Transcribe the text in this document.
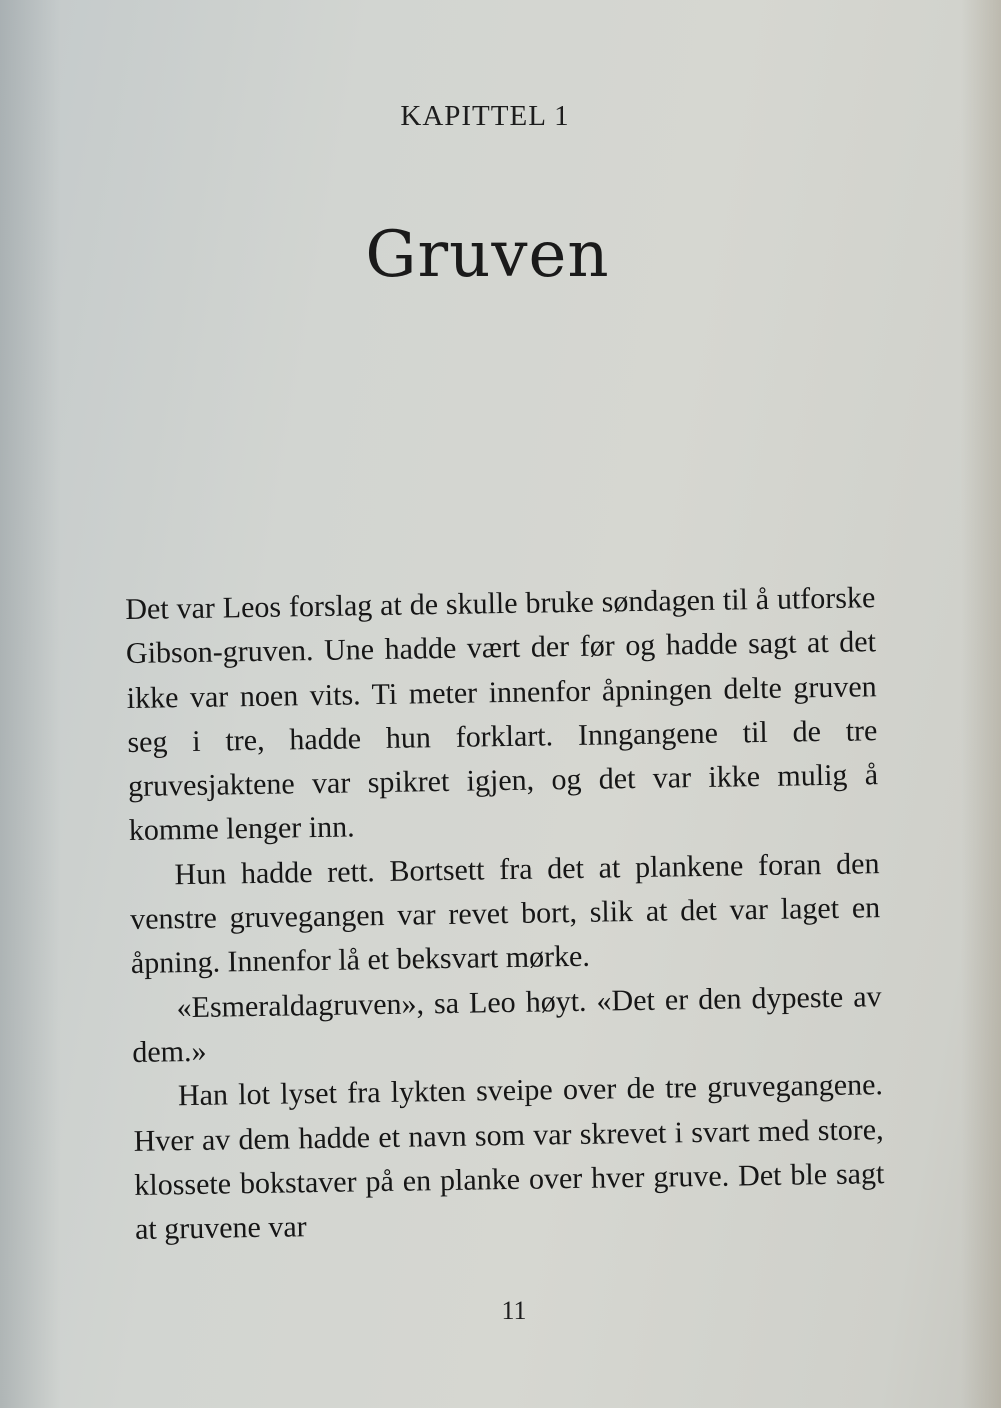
KAPITTEL 1
Gruven

Det var Leos forslag at de skulle bruke søndagen til å utforske Gibson-gruven. Une hadde vært der før og hadde sagt at det ikke var noen vits. Ti meter innenfor åpningen delte gruven seg i tre, hadde hun forklart. Inngangene til de tre gruvesjaktene var spikret igjen, og det var ikke mulig å komme lenger inn.

Hun hadde rett. Bortsett fra det at plankene foran den venstre gruvegangen var revet bort, slik at det var laget en åpning. Innenfor lå et beksvart mørke.

«Esmeraldagruven», sa Leo høyt. «Det er den dypeste av dem.»

Han lot lyset fra lykten sveipe over de tre gruvegangene. Hver av dem hadde et navn som var skrevet i svart med store, klossete bokstaver på en planke over hver gruve. Det ble sagt at gruvene var

11
